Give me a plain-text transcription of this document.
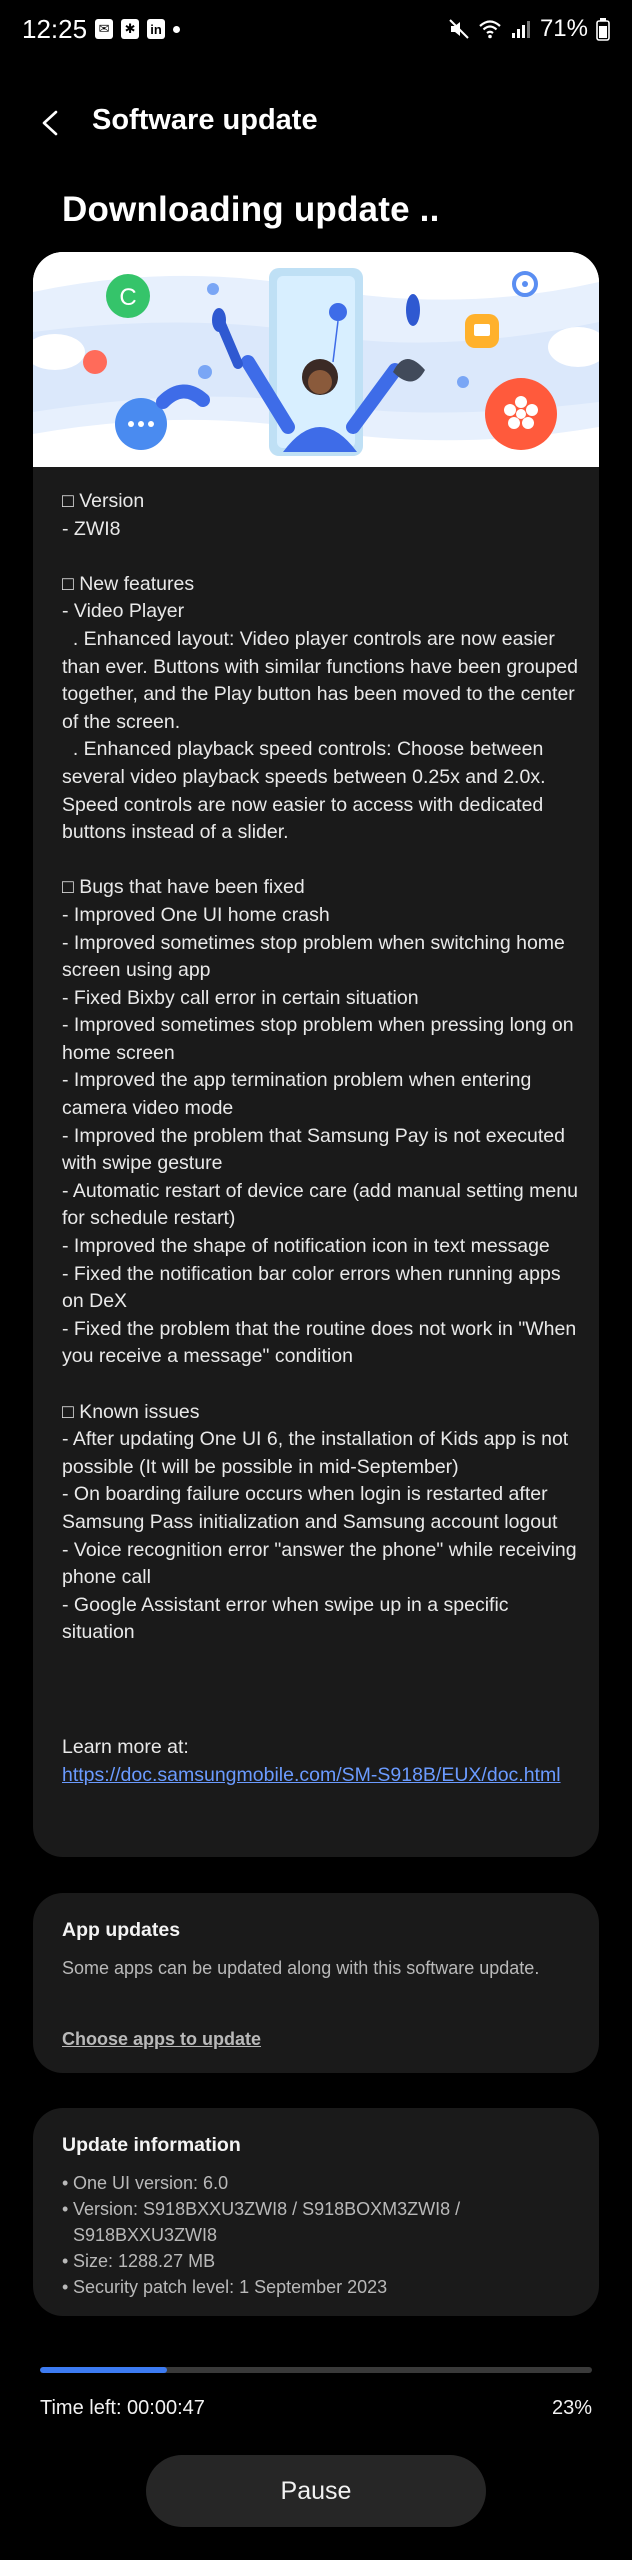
12:25 ✉ ✱ in	71%
Software update
Downloading update ..
C
□ Version
- ZWI8

□ New features
- Video Player
. Enhanced layout: Video player controls are now easier than ever. Buttons with similar functions have been grouped together, and the Play button has been moved to the center of the screen.
. Enhanced playback speed controls: Choose between several video playback speeds between 0.25x and 2.0x. Speed controls are now easier to access with dedicated buttons instead of a slider.

□ Bugs that have been fixed
- Improved One UI home crash
- Improved sometimes stop problem when switching home screen using app
- Fixed Bixby call error in certain situation
- Improved sometimes stop problem when pressing long on home screen
- Improved the app termination problem when entering camera video mode
- Improved the problem that Samsung Pay is not executed with swipe gesture
- Automatic restart of device care (add manual setting menu for schedule restart)
- Improved the shape of notification icon in text message
- Fixed the notification bar color errors when running apps on DeX
- Fixed the problem that the routine does not work in "When you receive a message" condition

□ Known issues
- After updating One UI 6, the installation of Kids app is not possible (It will be possible in mid-September)
- On boarding failure occurs when login is restarted after Samsung Pass initialization and Samsung account logout
- Voice recognition error "answer the phone" while receiving phone call
- Google Assistant error when swipe up in a specific situation
Learn more at:
https://doc.samsungmobile.com/SM-S918B/EUX/doc.html
App updates
Some apps can be updated along with this software update.
Choose apps to update
Update information
• One UI version: 6.0
• Version: S918BXXU3ZWI8 / S918BOXM3ZWI8 / S918BXXU3ZWI8
• Size: 1288.27 MB
• Security patch level: 1 September 2023
Time left: 00:00:47	23%
Pause
